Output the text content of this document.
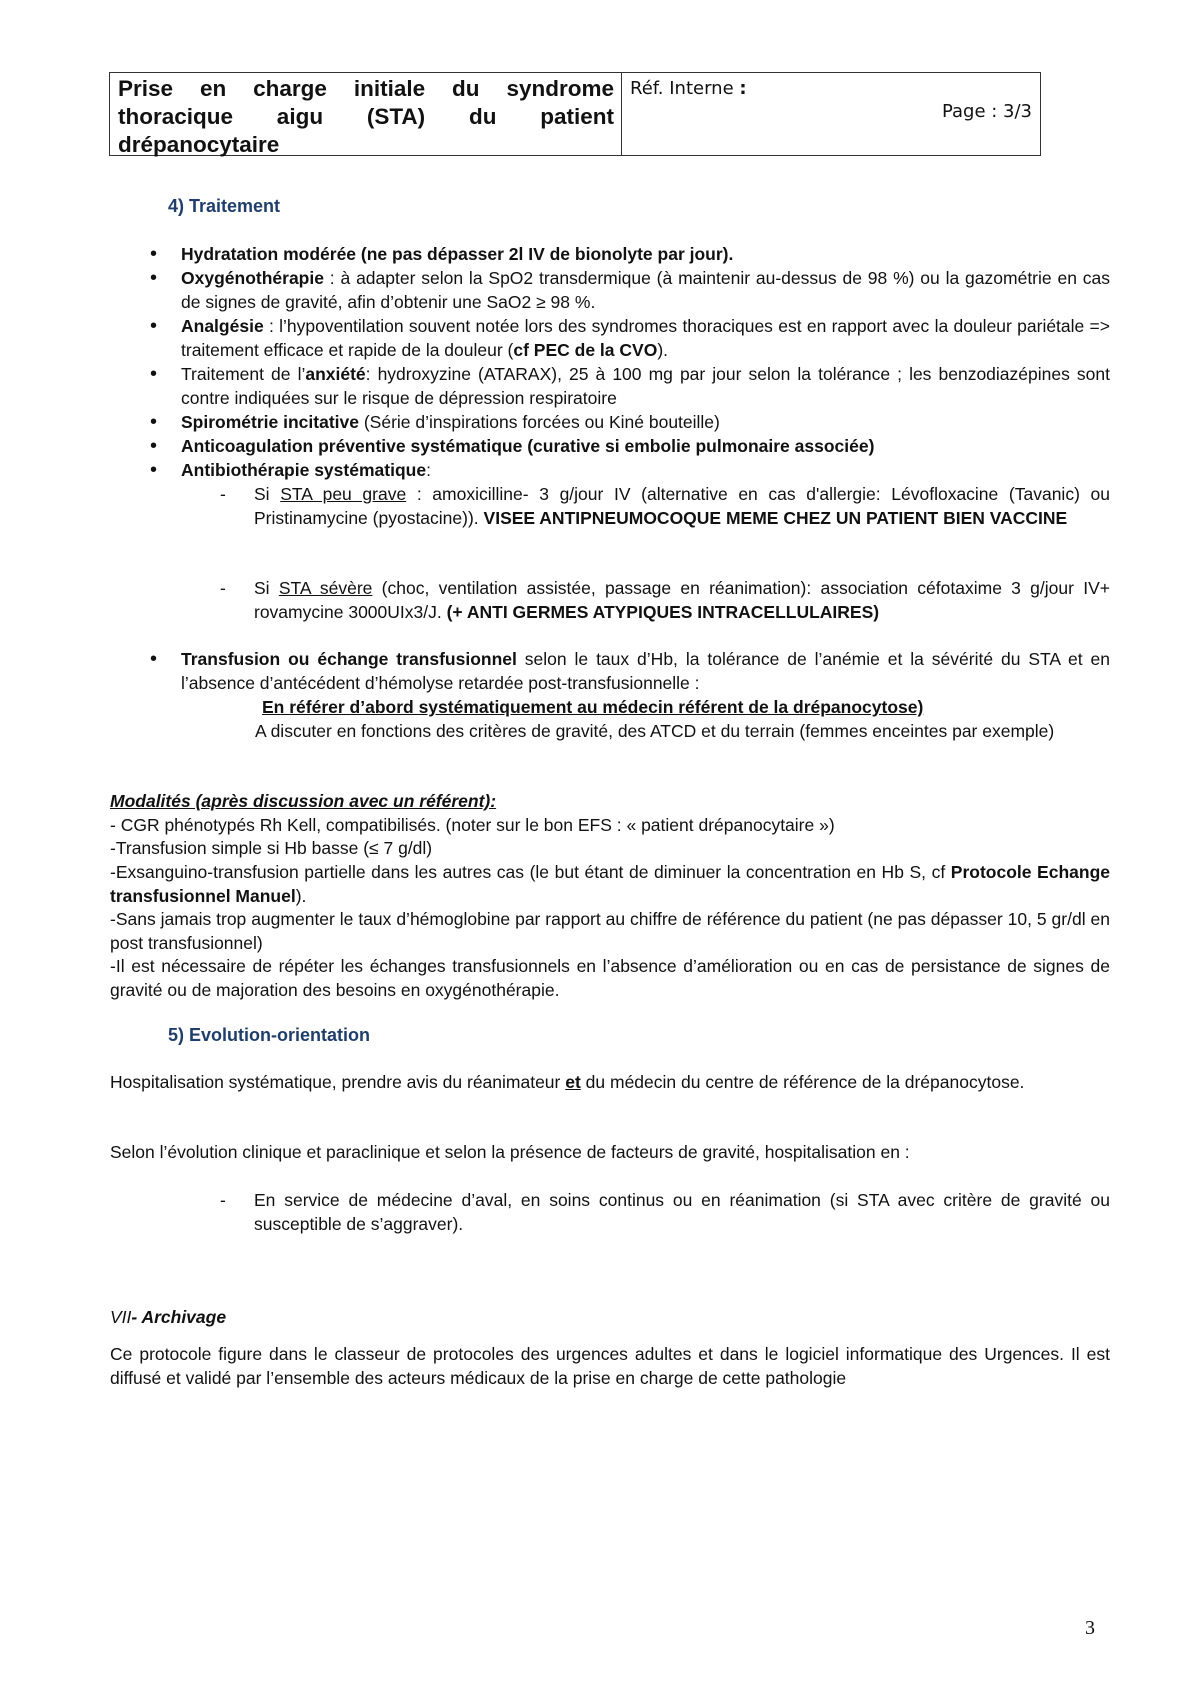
Prise en charge initiale du syndrome thoracique aigu (STA) du patient drépanocytaire
Réf. Interne :
Page : 3/3
4) Traitement
• Hydratation modérée (ne pas dépasser 2l IV de bionolyte par jour).
• Oxygénothérapie : à adapter selon la SpO2 transdermique (à maintenir au-dessus de 98 %) ou la gazométrie en cas de signes de gravité, afin d’obtenir une SaO2 ≥ 98 %.
• Analgésie : l’hypoventilation souvent notée lors des syndromes thoraciques est en rapport avec la douleur pariétale => traitement efficace et rapide de la douleur (cf PEC de la CVO).
• Traitement de l’anxiété: hydroxyzine (ATARAX), 25 à 100 mg par jour selon la tolérance ; les benzodiazépines sont contre indiquées sur le risque de dépression respiratoire
• Spirométrie incitative (Série d’inspirations forcées ou Kiné bouteille)
• Anticoagulation préventive systématique (curative si embolie pulmonaire associée)
• Antibiothérapie systématique:
- Si STA peu grave : amoxicilline- 3 g/jour IV (alternative en cas d'allergie: Lévofloxacine (Tavanic) ou Pristinamycine (pyostacine)). VISEE ANTIPNEUMOCOQUE MEME CHEZ UN PATIENT BIEN VACCINE
- Si STA sévère (choc, ventilation assistée, passage en réanimation): association céfotaxime 3 g/jour IV+ rovamycine 3000UIx3/J. (+ ANTI GERMES ATYPIQUES INTRACELLULAIRES)
• Transfusion ou échange transfusionnel selon le taux d’Hb, la tolérance de l’anémie et la sévérité du STA et en l’absence d’antécédent d’hémolyse retardée post-transfusionnelle :
En référer d’abord systématiquement au médecin référent de la drépanocytose)
A discuter en fonctions des critères de gravité, des ATCD et du terrain (femmes enceintes par exemple)
Modalités (après discussion avec un référent):
- CGR phénotypés Rh Kell, compatibilisés. (noter sur le bon EFS : « patient drépanocytaire »)
-Transfusion simple si Hb basse (≤ 7 g/dl)
-Exsanguino-transfusion partielle dans les autres cas (le but étant de diminuer la concentration en Hb S, cf Protocole Echange transfusionnel Manuel).
-Sans jamais trop augmenter le taux d’hémoglobine par rapport au chiffre de référence du patient (ne pas dépasser 10, 5 gr/dl en post transfusionnel)
-Il est nécessaire de répéter les échanges transfusionnels en l’absence d’amélioration ou en cas de persistance de signes de gravité ou de majoration des besoins en oxygénothérapie.
5) Evolution-orientation
Hospitalisation systématique, prendre avis du réanimateur et du médecin du centre de référence de la drépanocytose.
Selon l’évolution clinique et paraclinique et selon la présence de facteurs de gravité, hospitalisation en :
- En service de médecine d’aval, en soins continus ou en réanimation (si STA avec critère de gravité ou susceptible de s’aggraver).
VII- Archivage
Ce protocole figure dans le classeur de protocoles des urgences adultes et dans le logiciel informatique des Urgences. Il est diffusé et validé par l’ensemble des acteurs médicaux de la prise en charge de cette pathologie
3
